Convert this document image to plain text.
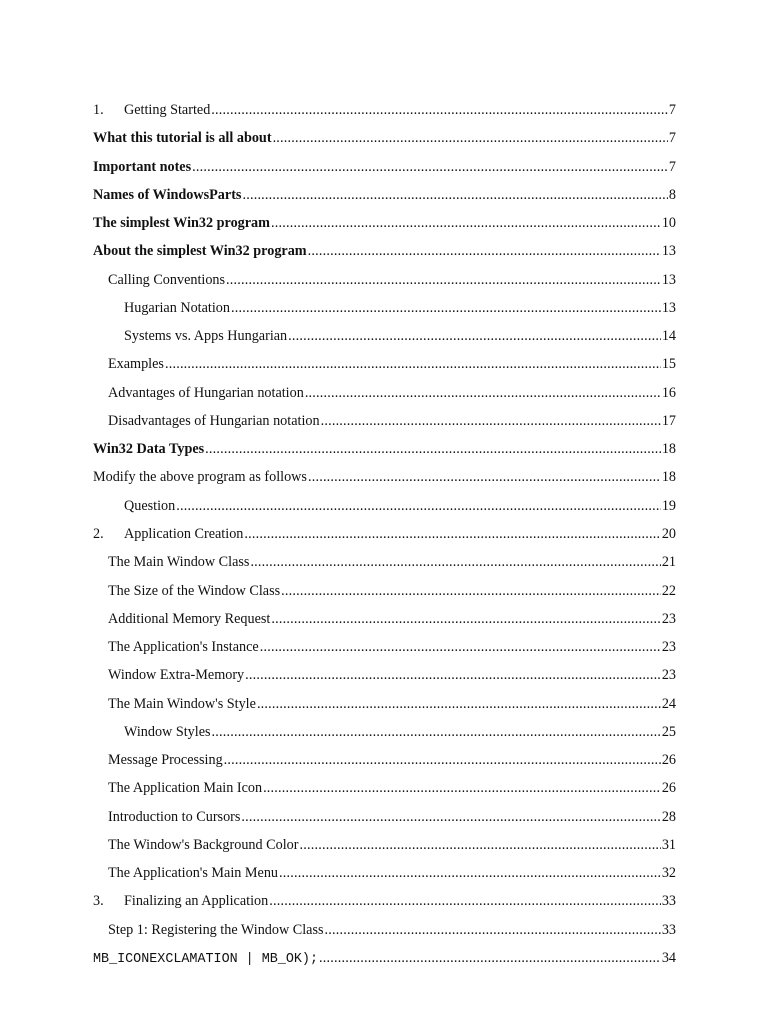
1. Getting Started .....	7
What this tutorial is all about .....	7
Important notes .....	7
Names of WindowsParts .....	8
The simplest Win32 program .....	10
About the simplest Win32 program .....	13
Calling Conventions .....	13
Hugarian Notation .....	13
Systems vs. Apps Hungarian .....	14
Examples .....	15
Advantages of Hungarian notation .....	16
Disadvantages of Hungarian notation .....	17
Win32 Data Types .....	18
Modify the above program as follows .....	18
Question .....	19
2. Application Creation .....	20
The Main Window Class .....	21
The Size of the Window Class .....	22
Additional Memory Request .....	23
The Application's Instance .....	23
Window Extra-Memory .....	23
The Main Window's Style .....	24
Window Styles .....	25
Message Processing .....	26
The Application Main Icon .....	26
Introduction to Cursors .....	28
The Window's Background Color .....	31
The Application's Main Menu .....	32
3. Finalizing an Application .....	33
Step 1: Registering the Window Class .....	33
MB_ICONEXCLAMATION | MB_OK); .....	34
